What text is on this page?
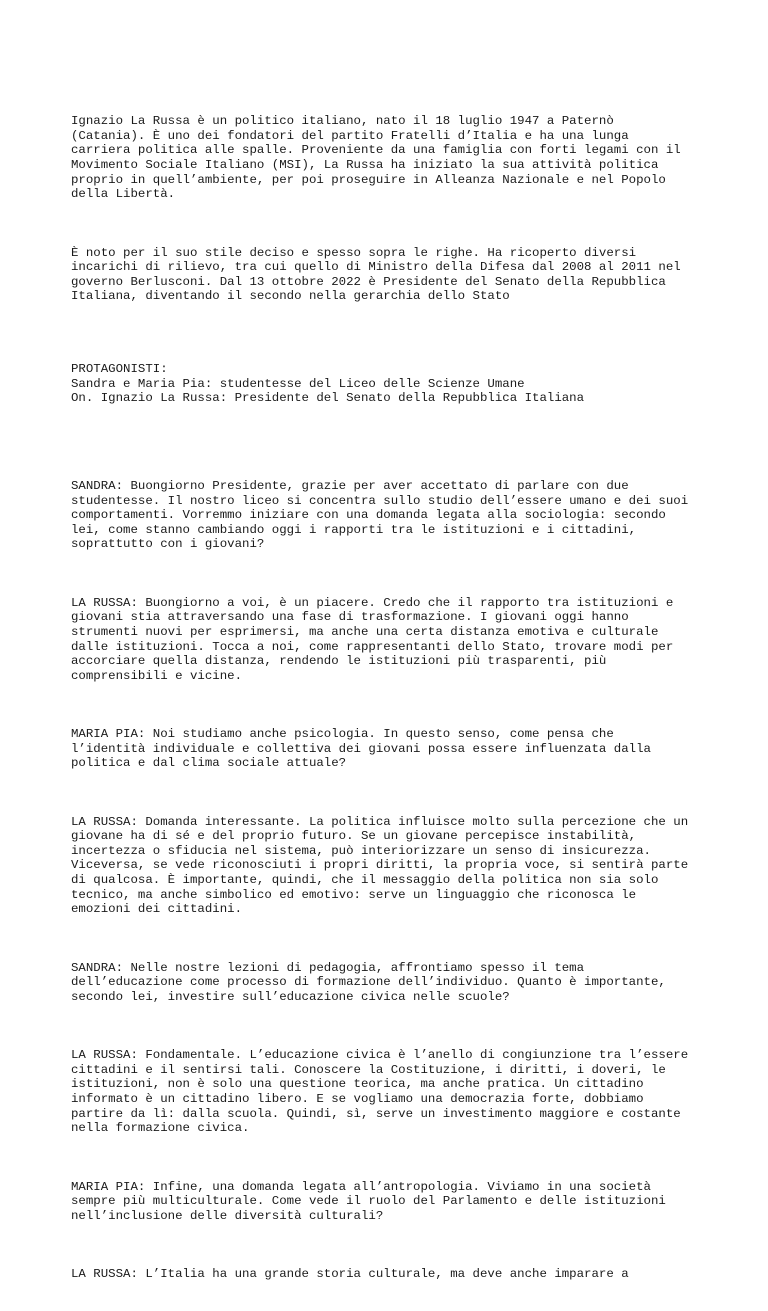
Ignazio La Russa è un politico italiano, nato il 18 luglio 1947 a Paternò
(Catania). È uno dei fondatori del partito Fratelli d’Italia e ha una lunga
carriera politica alle spalle. Proveniente da una famiglia con forti legami con il
Movimento Sociale Italiano (MSI), La Russa ha iniziato la sua attività politica
proprio in quell’ambiente, per poi proseguire in Alleanza Nazionale e nel Popolo
della Libertà.

È noto per il suo stile deciso e spesso sopra le righe. Ha ricoperto diversi
incarichi di rilievo, tra cui quello di Ministro della Difesa dal 2008 al 2011 nel
governo Berlusconi. Dal 13 ottobre 2022 è Presidente del Senato della Repubblica
Italiana, diventando il secondo nella gerarchia dello Stato

PROTAGONISTI:
Sandra e Maria Pia: studentesse del Liceo delle Scienze Umane
On. Ignazio La Russa: Presidente del Senato della Repubblica Italiana

SANDRA: Buongiorno Presidente, grazie per aver accettato di parlare con due
studentesse. Il nostro liceo si concentra sullo studio dell’essere umano e dei suoi
comportamenti. Vorremmo iniziare con una domanda legata alla sociologia: secondo
lei, come stanno cambiando oggi i rapporti tra le istituzioni e i cittadini,
soprattutto con i giovani?

LA RUSSA: Buongiorno a voi, è un piacere. Credo che il rapporto tra istituzioni e
giovani stia attraversando una fase di trasformazione. I giovani oggi hanno
strumenti nuovi per esprimersi, ma anche una certa distanza emotiva e culturale
dalle istituzioni. Tocca a noi, come rappresentanti dello Stato, trovare modi per
accorciare quella distanza, rendendo le istituzioni più trasparenti, più
comprensibili e vicine.

MARIA PIA: Noi studiamo anche psicologia. In questo senso, come pensa che
l’identità individuale e collettiva dei giovani possa essere influenzata dalla
politica e dal clima sociale attuale?

LA RUSSA: Domanda interessante. La politica influisce molto sulla percezione che un
giovane ha di sé e del proprio futuro. Se un giovane percepisce instabilità,
incertezza o sfiducia nel sistema, può interiorizzare un senso di insicurezza.
Viceversa, se vede riconosciuti i propri diritti, la propria voce, si sentirà parte
di qualcosa. È importante, quindi, che il messaggio della politica non sia solo
tecnico, ma anche simbolico ed emotivo: serve un linguaggio che riconosca le
emozioni dei cittadini.

SANDRA: Nelle nostre lezioni di pedagogia, affrontiamo spesso il tema
dell’educazione come processo di formazione dell’individuo. Quanto è importante,
secondo lei, investire sull’educazione civica nelle scuole?

LA RUSSA: Fondamentale. L’educazione civica è l’anello di congiunzione tra l’essere
cittadini e il sentirsi tali. Conoscere la Costituzione, i diritti, i doveri, le
istituzioni, non è solo una questione teorica, ma anche pratica. Un cittadino
informato è un cittadino libero. E se vogliamo una democrazia forte, dobbiamo
partire da lì: dalla scuola. Quindi, sì, serve un investimento maggiore e costante
nella formazione civica.

MARIA PIA: Infine, una domanda legata all’antropologia. Viviamo in una società
sempre più multiculturale. Come vede il ruolo del Parlamento e delle istituzioni
nell’inclusione delle diversità culturali?

LA RUSSA: L’Italia ha una grande storia culturale, ma deve anche imparare a
